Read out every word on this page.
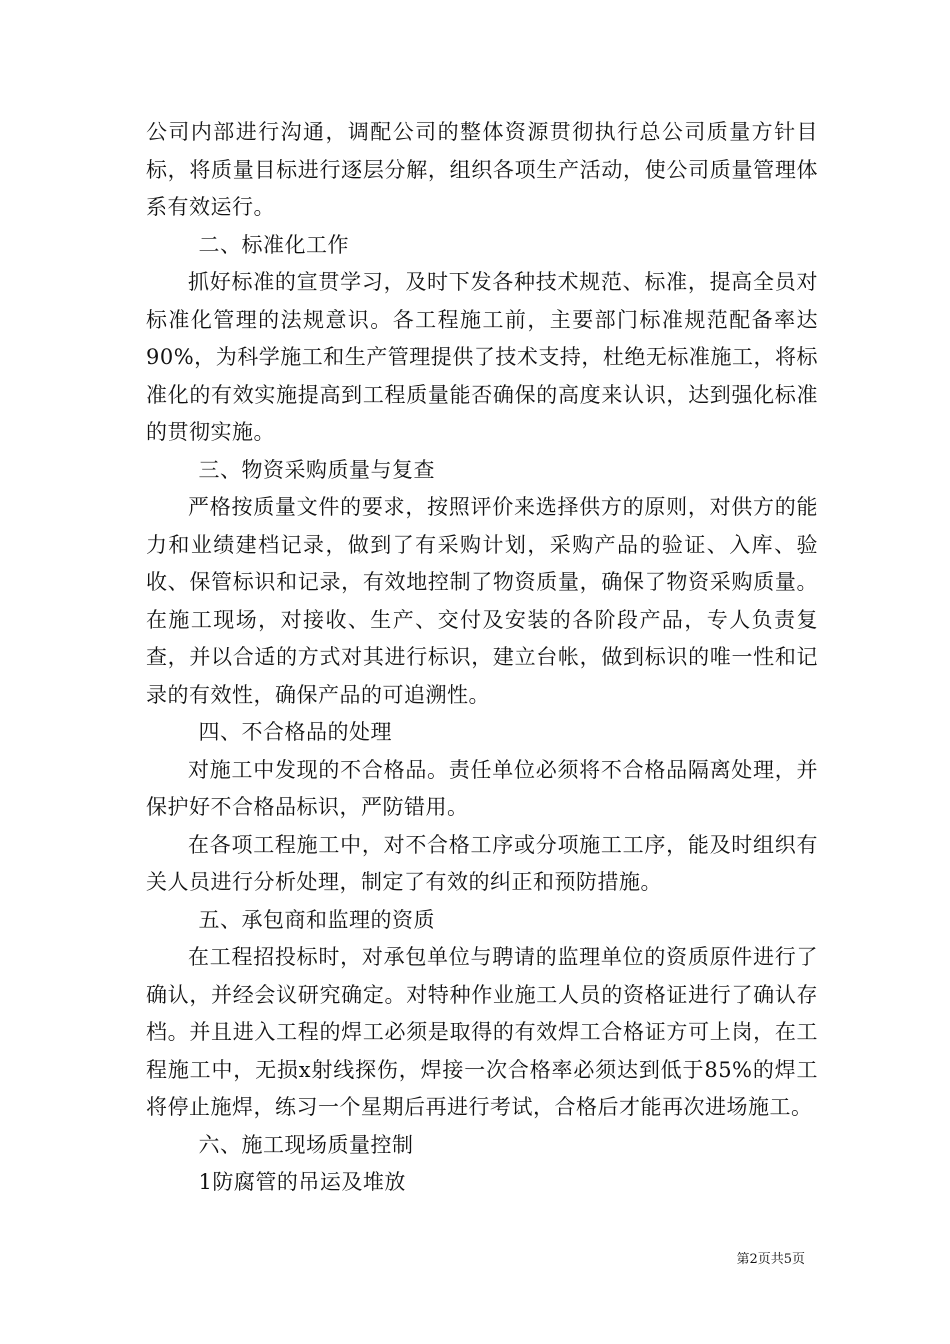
公司内部进行沟通，调配公司的整体资源贯彻执行总公司质量方针目标，将质量目标进行逐层分解，组织各项生产活动，使公司质量管理体系有效运行。

二、标准化工作

抓好标准的宣贯学习，及时下发各种技术规范、标准，提高全员对标准化管理的法规意识。各工程施工前，主要部门标准规范配备率达90%，为科学施工和生产管理提供了技术支持，杜绝无标准施工，将标准化的有效实施提高到工程质量能否确保的高度来认识，达到强化标准的贯彻实施。

三、物资采购质量与复查

严格按质量文件的要求，按照评价来选择供方的原则，对供方的能力和业绩建档记录，做到了有采购计划，采购产品的验证、入库、验收、保管标识和记录，有效地控制了物资质量，确保了物资采购质量。在施工现场，对接收、生产、交付及安装的各阶段产品，专人负责复查，并以合适的方式对其进行标识，建立台帐，做到标识的唯一性和记录的有效性，确保产品的可追溯性。

四、不合格品的处理

对施工中发现的不合格品。责任单位必须将不合格品隔离处理，并保护好不合格品标识，严防错用。

在各项工程施工中，对不合格工序或分项施工工序，能及时组织有关人员进行分析处理，制定了有效的纠正和预防措施。

五、承包商和监理的资质

在工程招投标时，对承包单位与聘请的监理单位的资质原件进行了确认，并经会议研究确定。对特种作业施工人员的资格证进行了确认存档。并且进入工程的焊工必须是取得的有效焊工合格证方可上岗，在工程施工中，无损x射线探伤，焊接一次合格率必须达到低于85%的焊工将停止施焊，练习一个星期后再进行考试，合格后才能再次进场施工。

六、施工现场质量控制

1防腐管的吊运及堆放

第2页共5页
